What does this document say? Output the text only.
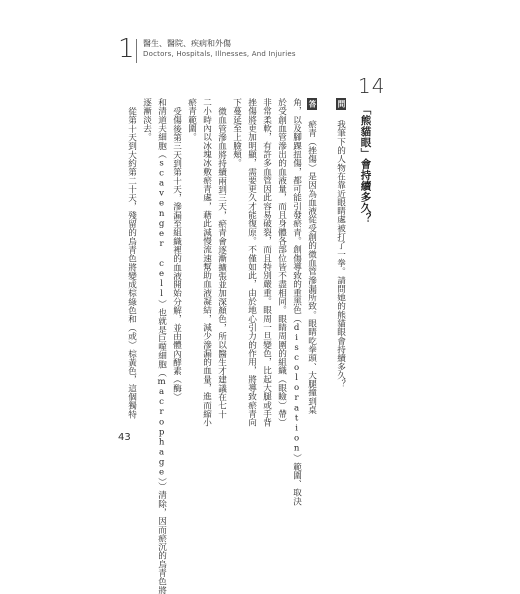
1 醫生、醫院、疾病和外傷
Doctors, Hospitals, Illnesses, And Injuries
14
「熊貓眼」會持續多久？
問
我筆下的人物在靠近眼睛處被打了一拳。請問她的熊貓眼會持續多久？
答
瘀青（挫傷）是因為血液從受創的微血管滲漏所致。眼睛吃拳頭、大腿撞到桌
角，以及腳踝扭傷，都可能引發瘀青。創傷導致的重黑色（discoloration）範圍、取決
於受創血管滲出的血液量，而且身體各部位皆不盡相同。眼睛周圍的組織（眼瞼）帶）
非常柔軟，有許多血管因此容易破裂，而且特別嚴重。眼周一旦變色，比起大腿或手背
挫傷將更加明顯，需要更久才能復原。不僅如此，由於地心引力的作用，將導致瘀青向
下蔓延至上臉頰。
微血管滲血將持續兩到三天，瘀青會逐漸擴張並加深顏色，所以醫生才建議在七十
二小時內以冰塊冰敷瘀青處，藉此減慢流速幫助血液凝結，減少滲漏的血量，進而縮小
瘀青範圍。
受傷後第三天到第十天，滲漏至組織裡的血液開始分解，並由體內酵素（酶）
和清道夫細胞（scavenger cell）也就是巨噬細胞（macrophage））清除，因而瘀沉的烏青色將
逐漸淡去。
從第十天到大約第二十天，殘留的烏青色將變成棕綠色和（或）棕黃色，這個獨特
43
